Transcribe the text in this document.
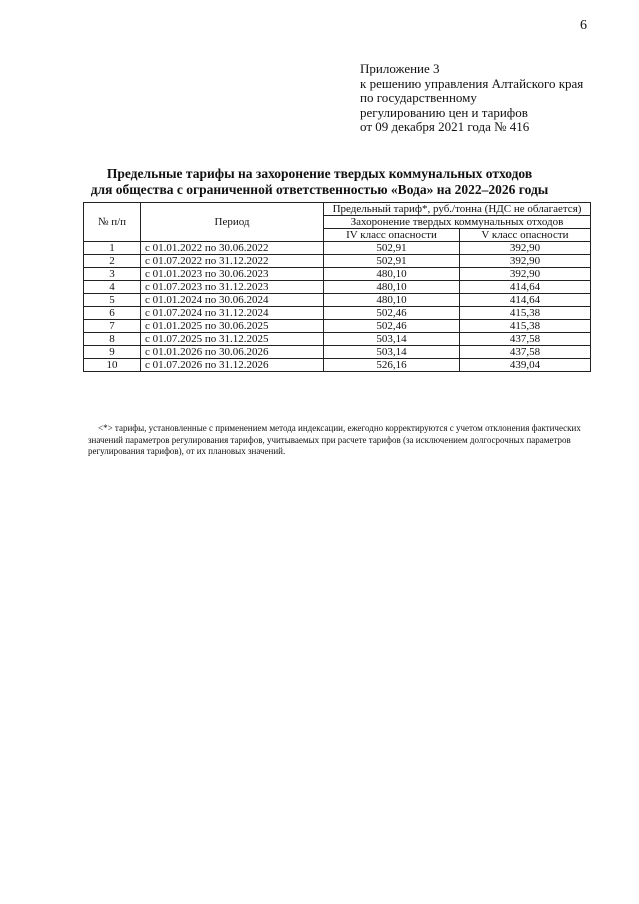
6
Приложение 3
к решению управления Алтайского края
по государственному
регулированию цен и тарифов
от 09 декабря 2021 года № 416
Предельные тарифы на захоронение твердых коммунальных отходов
для общества с ограниченной ответственностью «Вода» на 2022–2026 годы
№ п/п	Период	Предельный тариф*, руб./тонна (НДС не облагается)	
		Захоронение твердых коммунальных отходов	
		IV класс опасности	V класс опасности
1	с 01.01.2022 по 30.06.2022	502,91	392,90
2	с 01.07.2022 по 31.12.2022	502,91	392,90
3	с 01.01.2023 по 30.06.2023	480,10	392,90
4	с 01.07.2023 по 31.12.2023	480,10	414,64
5	с 01.01.2024 по 30.06.2024	480,10	414,64
6	с 01.07.2024 по 31.12.2024	502,46	415,38
7	с 01.01.2025 по 30.06.2025	502,46	415,38
8	с 01.07.2025 по 31.12.2025	503,14	437,58
9	с 01.01.2026 по 30.06.2026	503,14	437,58
10	с 01.07.2026 по 31.12.2026	526,16	439,04
<*> тарифы, установленные с применением метода индексации, ежегодно корректируются с учетом отклонения фактических значений параметров регулирования тарифов, учитываемых при расчете тарифов (за исключением долгосрочных параметров регулирования тарифов), от их плановых значений.
